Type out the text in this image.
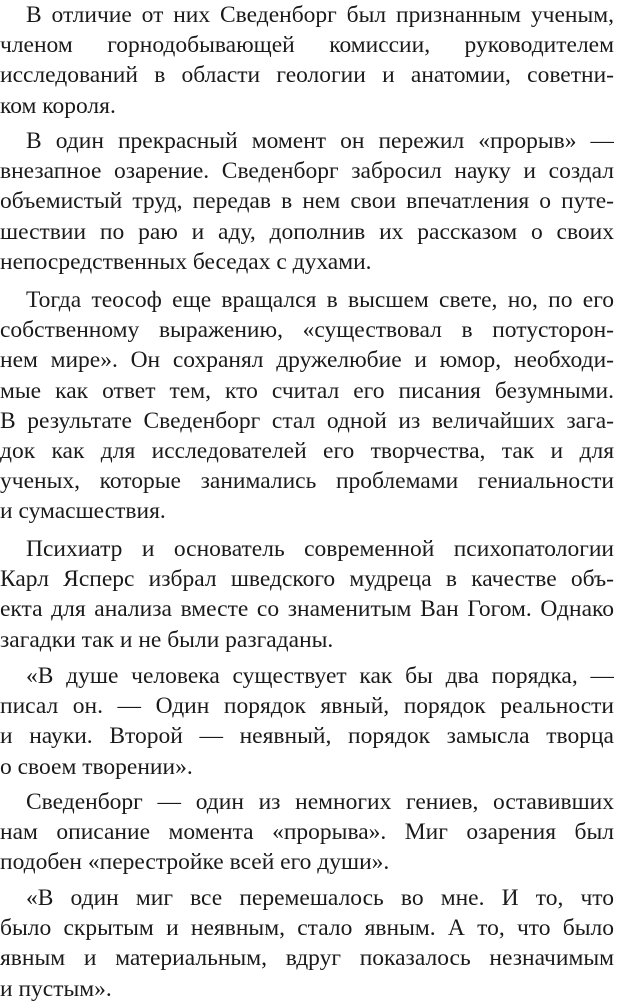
В отличие от них Сведенборг был признанным ученым,
членом горнодобывающей комиссии, руководителем
исследований в области геологии и анатомии, советни-
ком короля.
В один прекрасный момент он пережил «прорыв» —
внезапное озарение. Сведенборг забросил науку и создал
объемистый труд, передав в нем свои впечатления о путе-
шествии по раю и аду, дополнив их рассказом о своих
непосредственных беседах с духами.
Тогда теософ еще вращался в высшем свете, но, по его
собственному выражению, «существовал в потусторон-
нем мире». Он сохранял дружелюбие и юмор, необходи-
мые как ответ тем, кто считал его писания безумными.
В результате Сведенборг стал одной из величайших зага-
док как для исследователей его творчества, так и для
ученых, которые занимались проблемами гениальности
и сумасшествия.
Психиатр и основатель современной психопатологии
Карл Ясперс избрал шведского мудреца в качестве объ-
екта для анализа вместе со знаменитым Ван Гогом. Однако
загадки так и не были разгаданы.
«В душе человека существует как бы два порядка, —
писал он. — Один порядок явный, порядок реальности
и науки. Второй — неявный, порядок замысла творца
о своем творении».
Сведенборг — один из немногих гениев, оставивших
нам описание момента «прорыва». Миг озарения был
подобен «перестройке всей его души».
«В один миг все перемешалось во мне. И то, что
было скрытым и неявным, стало явным. А то, что было
явным и материальным, вдруг показалось незначимым
и пустым».
